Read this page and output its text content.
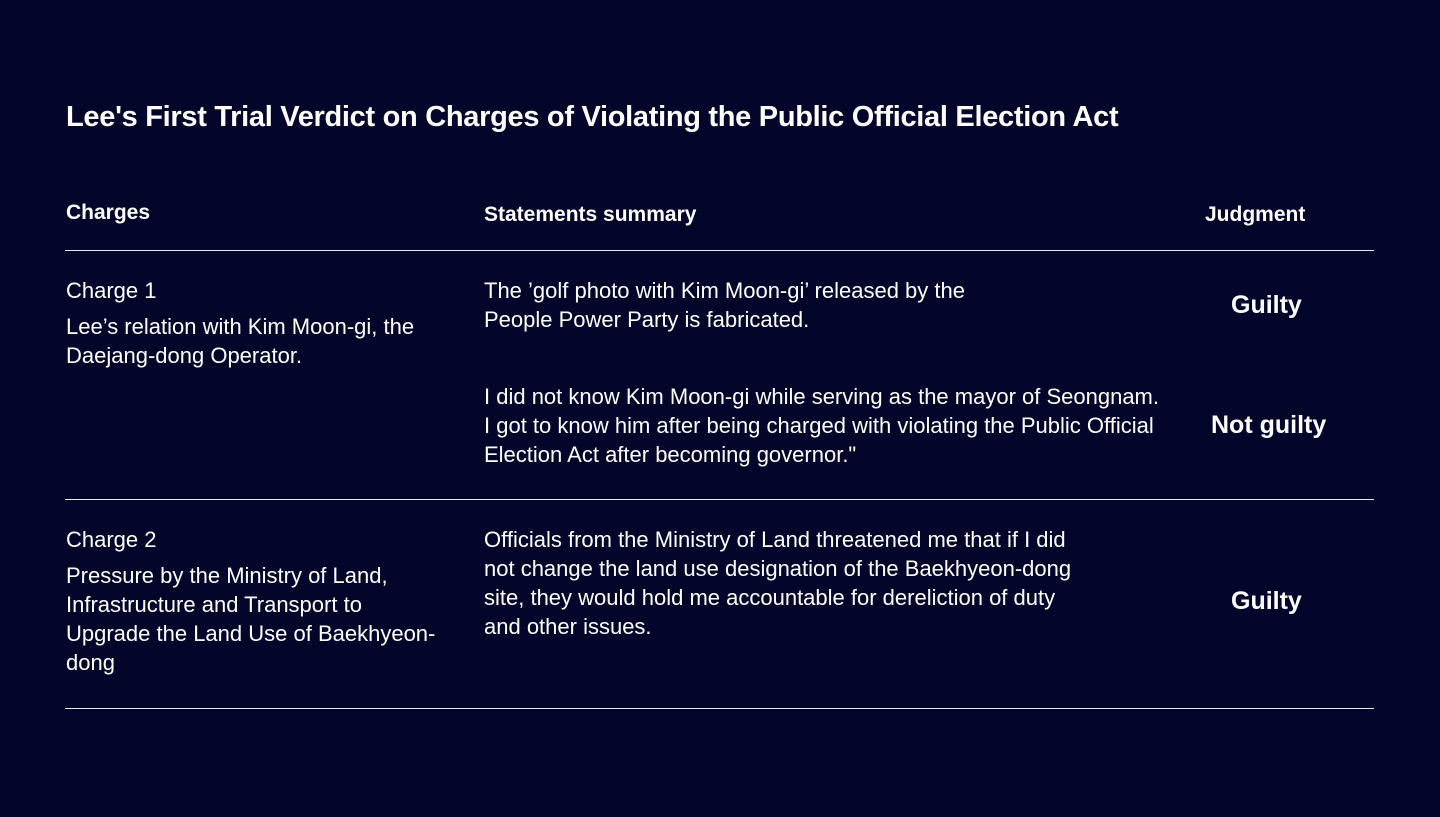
Lee's First Trial Verdict on Charges of Violating the Public Official Election Act
Charges	Statements summary	Judgment

Charge 1

Lee’s relation with Kim Moon-gi, the Daejang-dong Operator.

The ’golf photo with Kim Moon-gi’ released by the People Power Party is fabricated.
Guilty
I did not know Kim Moon-gi while serving as the mayor of Seongnam. I got to know him after being charged with violating the Public Official Election Act after becoming governor."
Not guilty

Charge 2

Pressure by the Ministry of Land, Infrastructure and Transport to Upgrade the Land Use of Baekhyeon-dong

Officials from the Ministry of Land threatened me that if I did not change the land use designation of the Baekhyeon-dong site, they would hold me accountable for dereliction of duty and other issues.
Guilty
